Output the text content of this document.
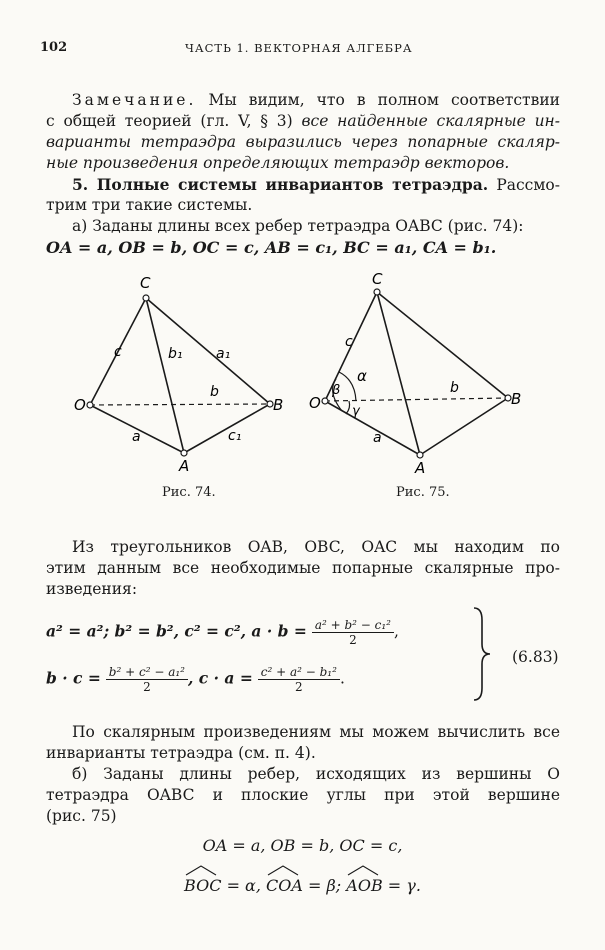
102	ЧАСТЬ 1. ВЕКТОРНАЯ АЛГЕБРА
Замечание. Мы видим, что в полном соответствии
с общей теорией (гл. V, § 3) все найденные скалярные ин-
варианты тетраэдра выразились через попарные скаляр-
ные произведения определяющих тетраэдр векторов.
5. Полные системы инвариантов тетраэдра. Рассмо-
трим три такие системы.
а) Заданы длины всех ребер тетраэдра OABC (рис. 74):
OA = a, OB = b, OC = c, AB = c₁, BC = a₁, CA = b₁.
C
O	B
A
c	b₁ a₁
b
a	c₁
Рис. 74.
C
O	B
A
c
α
β
γ
b
a
Рис. 75.
Из треугольников OAB, OBC, OAC мы находим по
этим данным все необходимые попарные скалярные про-
изведения:
a² = a²; b² = b², c² = c², $a \cdot b = \frac{\text{a² + b² − c₁²}}{2}$ ,
$b \cdot c = \frac{\text{b² + c² − a₁²}}{2}$ , $c \cdot a = \frac{\text{c² + a² − b₁²}}{2}$ .
(6.83)
По скалярным произведениям мы можем вычислить все
инварианты тетраэдра (см. п. 4).
б) Заданы длины ребер, исходящих из вершины O
тетраэдра OABC и плоские углы при этой вершине
(рис. 75)
OA = a, OB = b, OC = c,
BOC = α,
COA = β;
AOB = γ.
